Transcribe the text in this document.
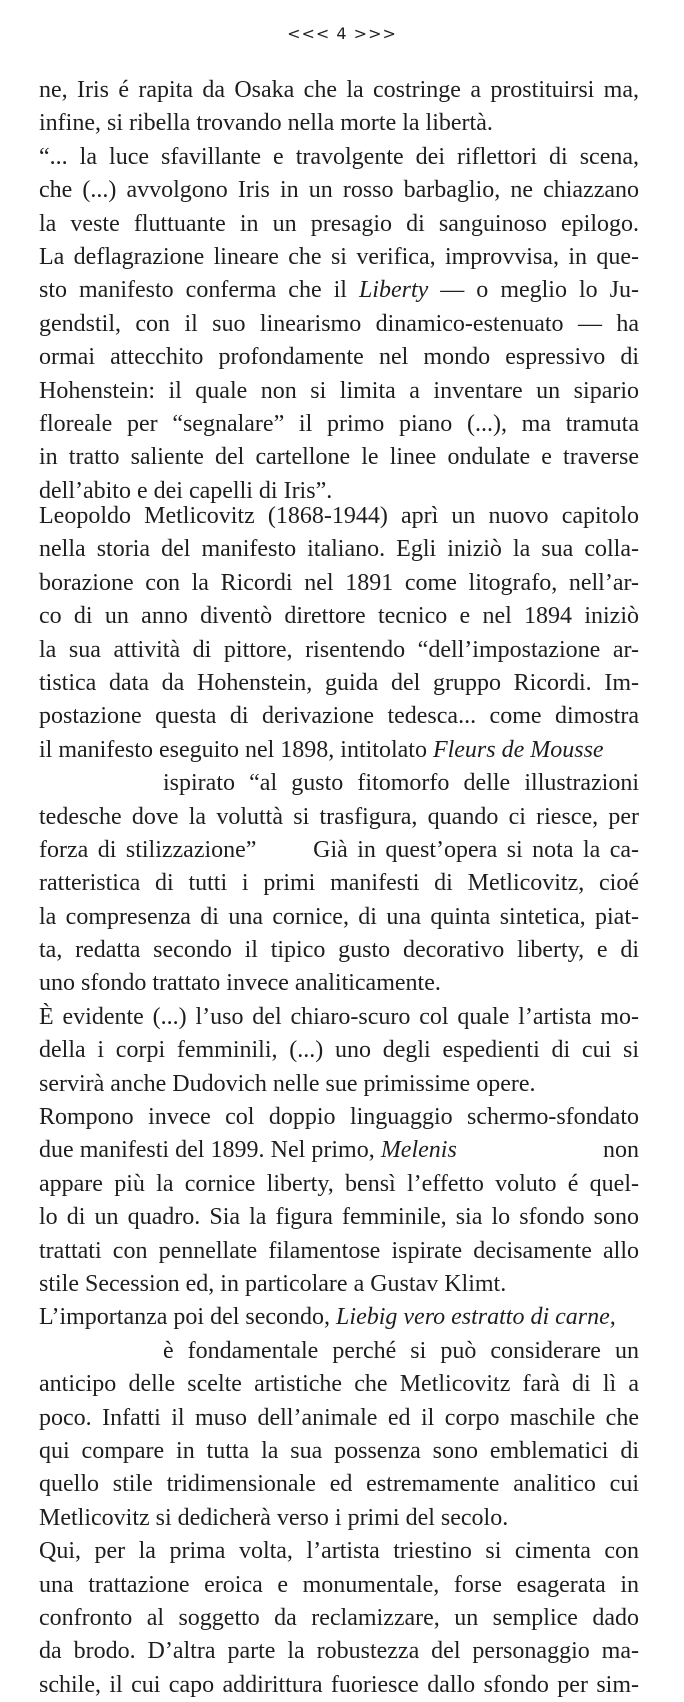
<<< 4 >>>
ne, Iris é rapita da Osaka che la costringe a prostituirsi ma,
infine, si ribella trovando nella morte la libertà.
“... la luce sfavillante e travolgente dei riflettori di scena,
che (...) avvolgono Iris in un rosso barbaglio, ne chiazzano
la veste fluttuante in un presagio di sanguinoso epilogo.
La deflagrazione lineare che si verifica, improvvisa, in que-
sto manifesto conferma che il Liberty — o meglio lo Ju-
gendstil, con il suo linearismo dinamico-estenuato — ha
ormai attecchito profondamente nel mondo espressivo di
Hohenstein: il quale non si limita a inventare un sipario
floreale per “segnalare” il primo piano (...), ma tramuta
in tratto saliente del cartellone le linee ondulate e traverse
dell’abito e dei capelli di Iris”.
Leopoldo Metlicovitz (1868-1944) aprì un nuovo capitolo
nella storia del manifesto italiano. Egli iniziò la sua colla-
borazione con la Ricordi nel 1891 come litografo, nell’ar-
co di un anno diventò direttore tecnico e nel 1894 iniziò
la sua attività di pittore, risentendo “dell’impostazione ar-
tistica data da Hohenstein, guida del gruppo Ricordi. Im-
postazione questa di derivazione tedesca... come dimostra
il manifesto eseguito nel 1898, intitolato Fleurs de Mousse
ispirato “al gusto fitomorfo delle illustrazioni
tedesche dove la voluttà si trasfigura, quando ci riesce, per
forza di stilizzazione”      Già in quest’opera si nota la ca-
ratteristica di tutti i primi manifesti di Metlicovitz, cioé
la compresenza di una cornice, di una quinta sintetica, piat-
ta, redatta secondo il tipico gusto decorativo liberty, e di
uno sfondo trattato invece analiticamente.
È evidente (...) l’uso del chiaro-scuro col quale l’artista mo-
della i corpi femminili, (...) uno degli espedienti di cui si
servirà anche Dudovich nelle sue primissime opere.
Rompono invece col doppio linguaggio schermo-sfondato
due manifesti del 1899. Nel primo, Melenis                        non
appare più la cornice liberty, bensì l’effetto voluto é quel-
lo di un quadro. Sia la figura femminile, sia lo sfondo sono
trattati con pennellate filamentose ispirate decisamente allo
stile Secession ed, in particolare a Gustav Klimt.
L’importanza poi del secondo, Liebig vero estratto di carne,
è fondamentale perché si può considerare un
anticipo delle scelte artistiche che Metlicovitz farà di lì a
poco. Infatti il muso dell’animale ed il corpo maschile che
qui compare in tutta la sua possenza sono emblematici di
quello stile tridimensionale ed estremamente analitico cui
Metlicovitz si dedicherà verso i primi del secolo.
Qui, per la prima volta, l’artista triestino si cimenta con
una trattazione eroica e monumentale, forse esagerata in
confronto al soggetto da reclamizzare, un semplice dado
da brodo. D’altra parte la robustezza del personaggio ma-
schile, il cui capo addirittura fuoriesce dallo sfondo per sim-
